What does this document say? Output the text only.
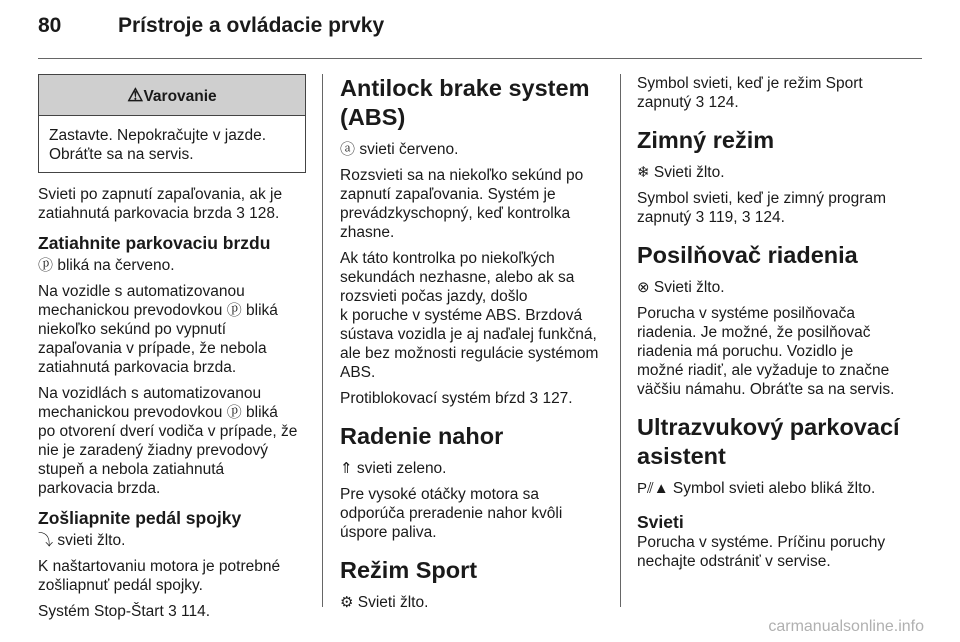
80	Prístroje a ovládacie prvky
⚠Varovanie

Zastavte. Nepokračujte v jazde.
Obráťte sa na servis.

Svieti po zapnutí zapaľovania, ak je
zatiahnutá parkovacia brzda 3 128.

Zatiahnite parkovaciu brzdu

ⓟ bliká na červeno.

Na vozidle s automatizovanou
mechanickou prevodovkou ⓟ bliká
niekoľko sekúnd po vypnutí
zapaľovania v prípade, že nebola
zatiahnutá parkovacia brzda.

Na vozidlách s automatizovanou
mechanickou prevodovkou ⓟ bliká
po otvorení dverí vodiča v prípade, že
nie je zaradený žiadny prevodový
stupeň a nebola zatiahnutá
parkovacia brzda.

Zošliapnite pedál spojky

⤵ svieti žlto.

K naštartovaniu motora je potrebné
zošliapnuť pedál spojky.

Systém Stop-Štart 3 114.

Antilock brake system
(ABS)

ⓐ svieti červeno.

Rozsvieti sa na niekoľko sekúnd po
zapnutí zapaľovania. Systém je
prevádzkyschopný, keď kontrolka
zhasne.

Ak táto kontrolka po niekoľkých
sekundách nezhasne, alebo ak sa
rozsvieti počas jazdy, došlo
k poruche v systéme ABS. Brzdová
sústava vozidla je aj naďalej funkčná,
ale bez možnosti regulácie systémom
ABS.

Protiblokovací systém bŕzd 3 127.

Radenie nahor

⇑ svieti zeleno.

Pre vysoké otáčky motora sa
odporúča preradenie nahor kvôli
úspore paliva.

Režim Sport

⚙ Svieti žlto.

Symbol svieti, keď je režim Sport
zapnutý 3 124.

Zimný režim

❄ Svieti žlto.

Symbol svieti, keď je zimný program
zapnutý 3 119, 3 124.

Posilňovač riadenia

⊗ Svieti žlto.

Porucha v systéme posilňovača
riadenia. Je možné, že posilňovač
riadenia má poruchu. Vozidlo je
možné riadiť, ale vyžaduje to značne
väčšiu námahu. Obráťte sa na servis.

Ultrazvukový parkovací
asistent

P⫽▲ Symbol svieti alebo bliká žlto.

Svieti

Porucha v systéme. Príčinu poruchy
nechajte odstrániť v servise.

carmanualsonline.info
